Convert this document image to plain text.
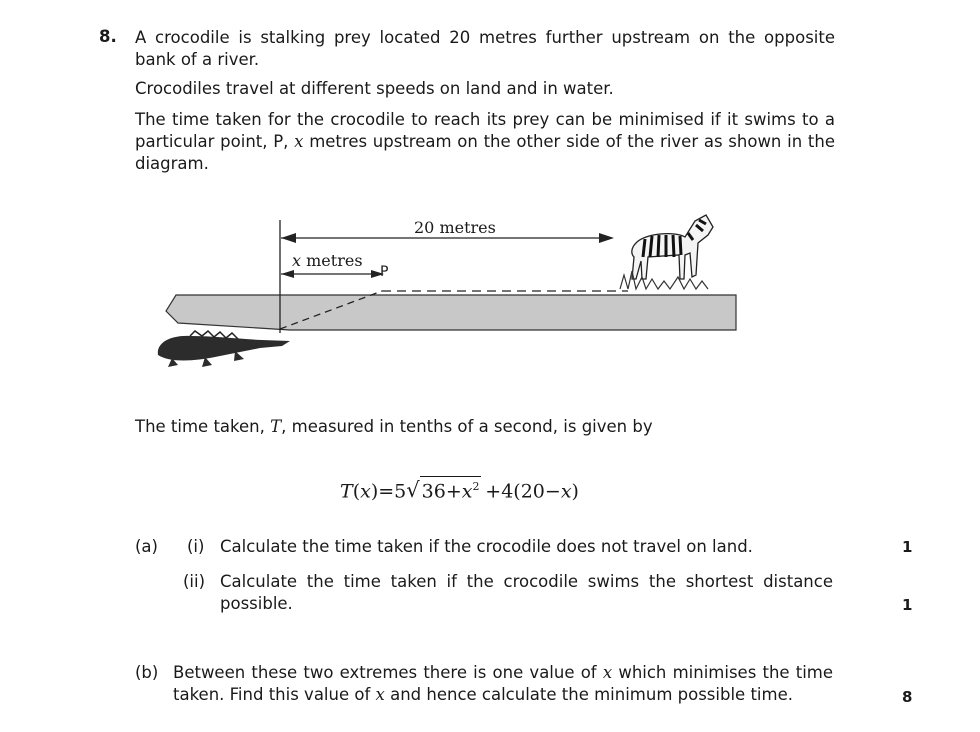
8. A crocodile is stalking prey located 20 metres further upstream on the opposite bank of a river.
Crocodiles travel at different speeds on land and in water.
The time taken for the crocodile to reach its prey can be minimised if it swims to a particular point, P, x metres upstream on the other side of the river as shown in the diagram.
20 metres
x metres
P
The time taken, T, measured in tenths of a second, is given by
T(x)=5√ $36+x^2 +4(20-x)$
(a) (i) Calculate the time taken if the crocodile does not travel on land.	1
(ii) Calculate the time taken if the crocodile swims the shortest distance possible.	1
(b) Between these two extremes there is one value of x which minimises the time taken. Find this value of x and hence calculate the minimum possible time.	8
